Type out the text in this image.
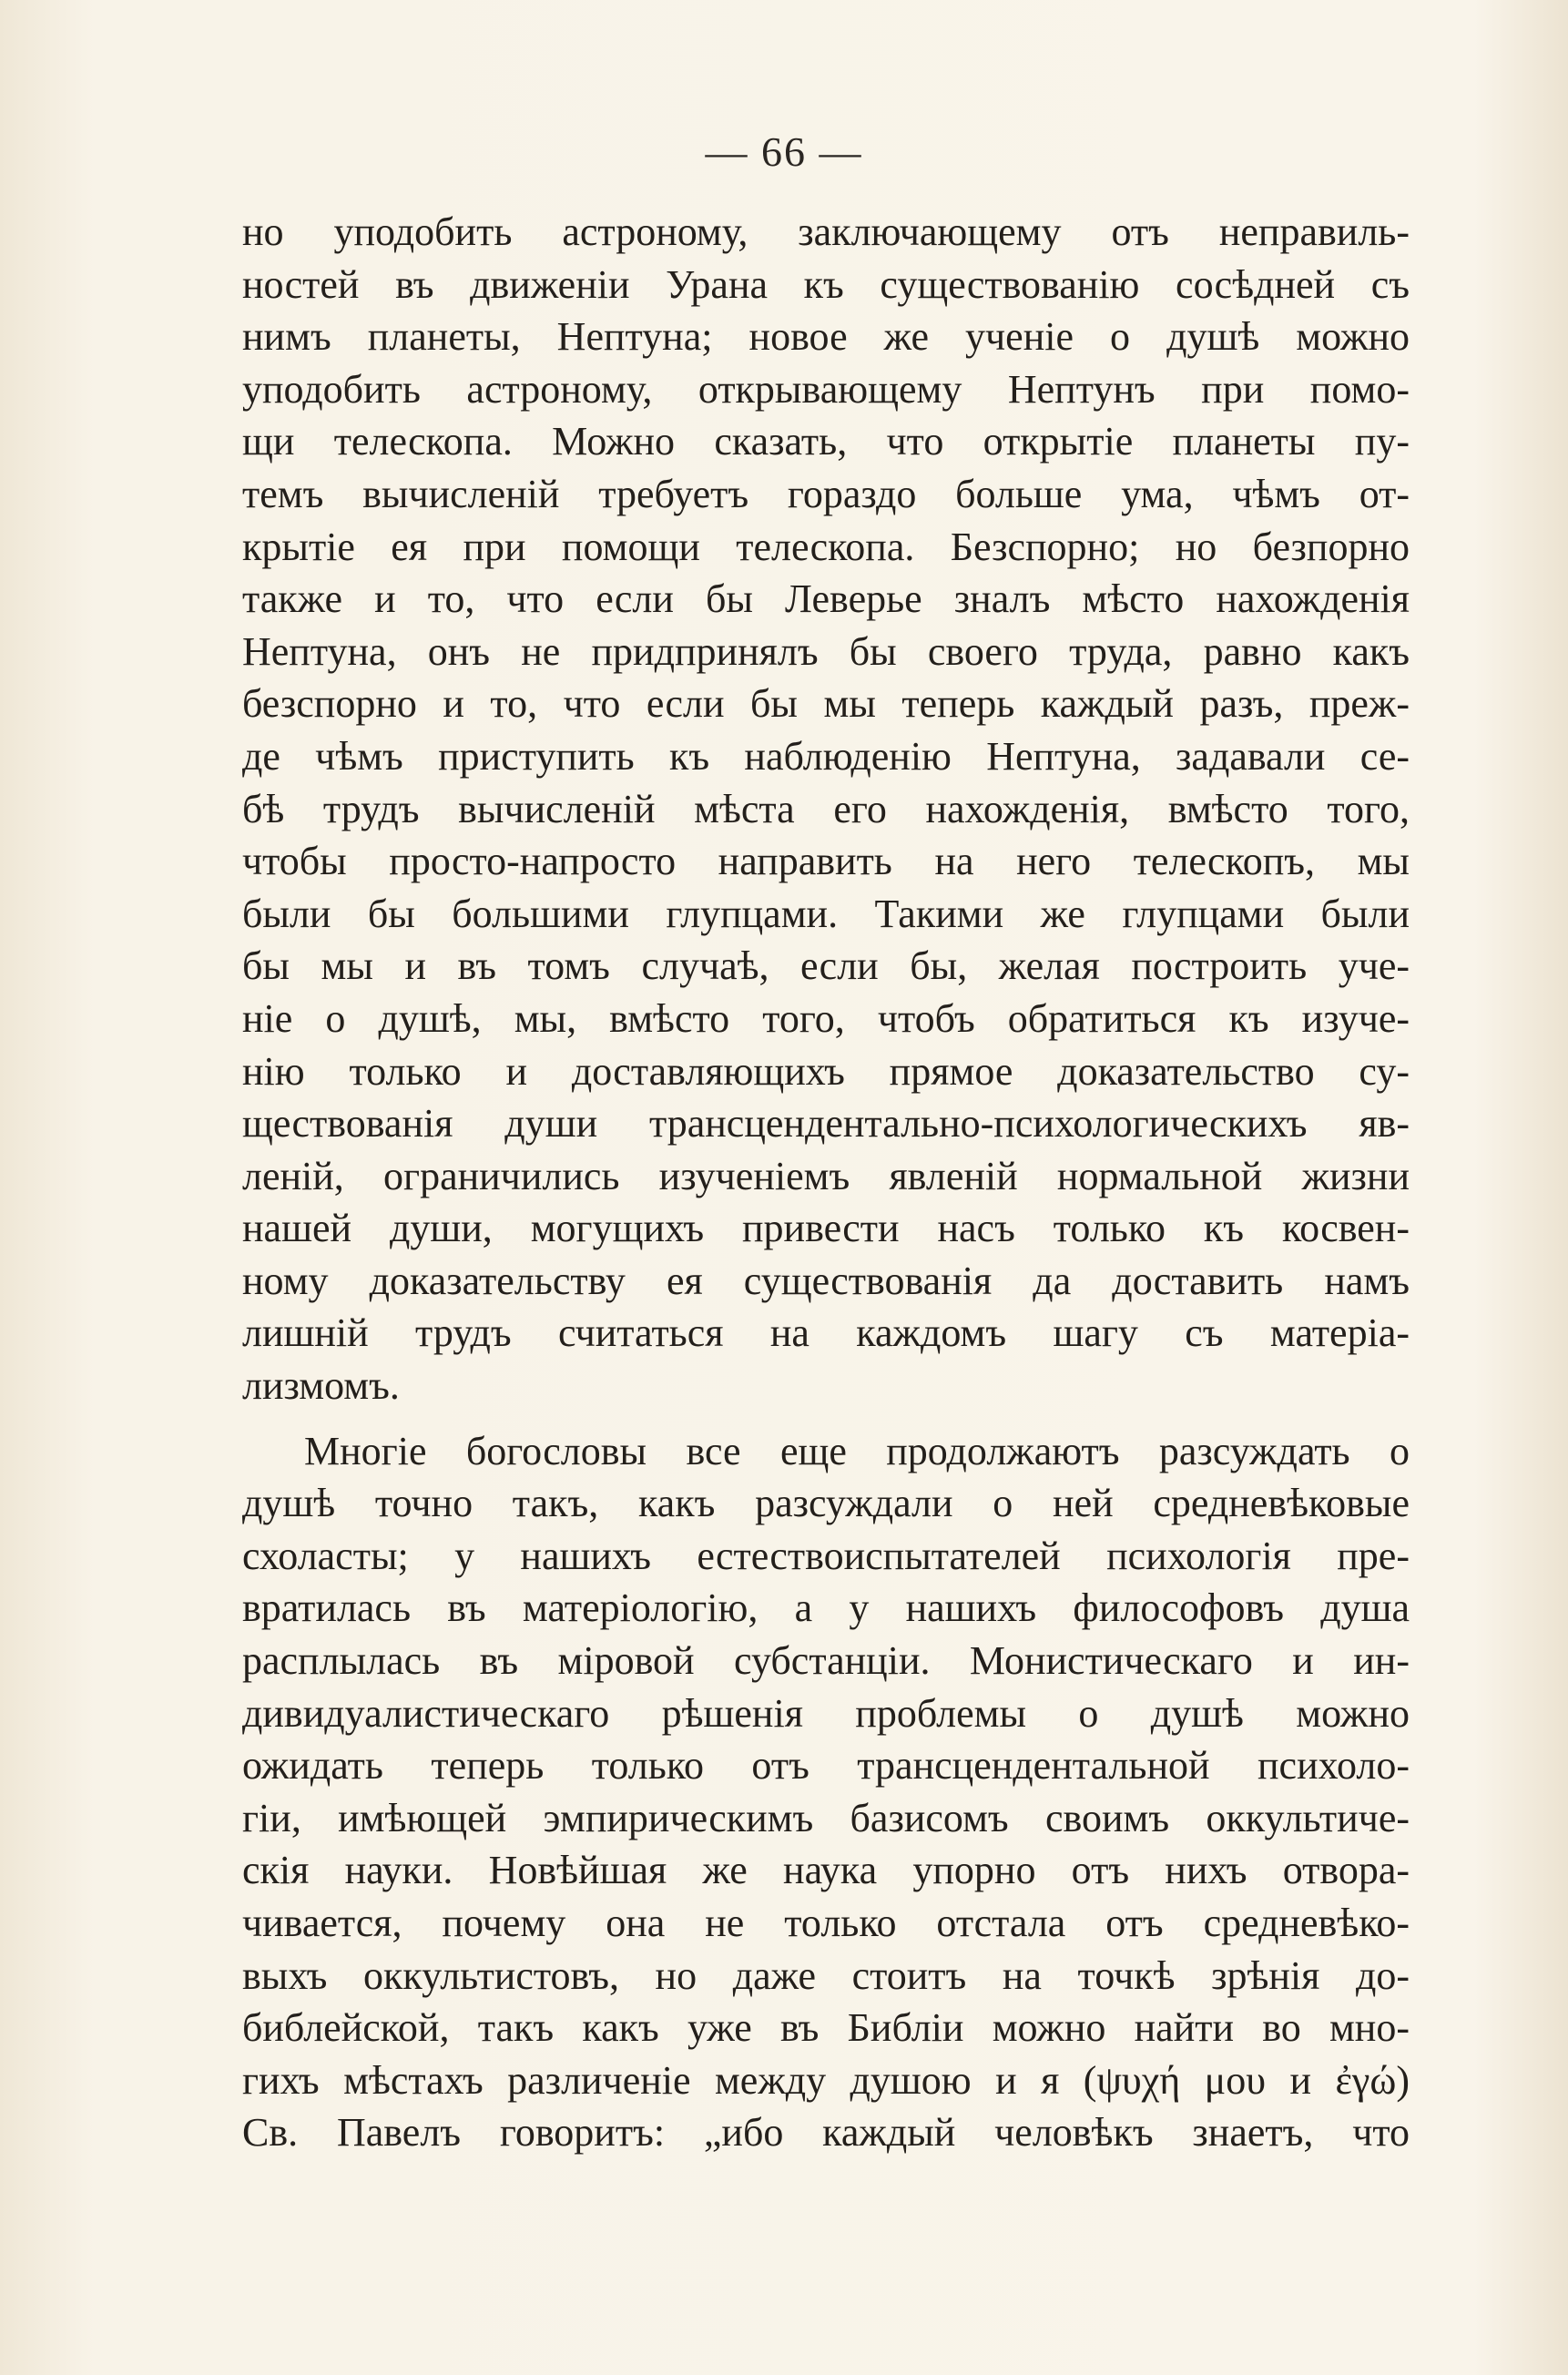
— 66 —
но уподобить астроному, заключающему отъ неправиль-
ностей въ движенiи Урана къ существованiю сосѣдней съ
нимъ планеты, Нептуна; новое же ученiе о душѣ можно
уподобить астроному, открывающему Нептунъ при помо-
щи телескопа. Можно сказать, что открытiе планеты пу-
темъ вычисленiй требуетъ гораздо больше ума, чѣмъ от-
крытiе ея при помощи телескопа. Безспорно; но безпорно
также и то, что если бы Леверье зналъ мѣсто нахожденiя
Нептуна, онъ не придпринялъ бы своего труда, равно какъ
безспорно и то, что если бы мы теперь каждый разъ, преж-
де чѣмъ приступить къ наблюденiю Нептуна, задавали се-
бѣ трудъ вычисленiй мѣста его нахожденiя, вмѣсто того,
чтобы просто-напросто направить на него телескопъ, мы
были бы большими глупцами. Такими же глупцами были
бы мы и въ томъ случаѣ, если бы, желая построить уче-
нiе о душѣ, мы, вмѣсто того, чтобъ обратиться къ изуче-
нiю только и доставляющихъ прямое доказательство су-
ществованiя души трансцендентально-психологическихъ яв-
ленiй, ограничились изученiемъ явленiй нормальной жизни
нашей души, могущихъ привести насъ только къ косвен-
ному доказательству ея существованiя да доставить намъ
лишнiй трудъ считаться на каждомъ шагу съ матерiа-
лизмомъ.
Многiе богословы все еще продолжаютъ разсуждать о
душѣ точно такъ, какъ разсуждали о ней средневѣковые
схоласты; у нашихъ естествоиспытателей психологiя пре-
вратилась въ матерiологiю, а у нашихъ философовъ душа
расплылась въ мiровой субстанцiи. Монистическаго и ин-
дивидуалистическаго рѣшенiя проблемы о душѣ можно
ожидать теперь только отъ трансцендентальной психоло-
гiи, имѣющей эмпирическимъ базисомъ своимъ оккультиче-
скiя науки. Новѣйшая же наука упорно отъ нихъ отвора-
чивается, почему она не только отстала отъ средневѣко-
выхъ оккультистовъ, но даже стоитъ на точкѣ зрѣнiя до-
библейской, такъ какъ уже въ Библiи можно найти во мно-
гихъ мѣстахъ различенiе между душою и я (ψυχή μου и ἐγώ)
Св. Павелъ говоритъ: „ибо каждый человѣкъ знаетъ, что
